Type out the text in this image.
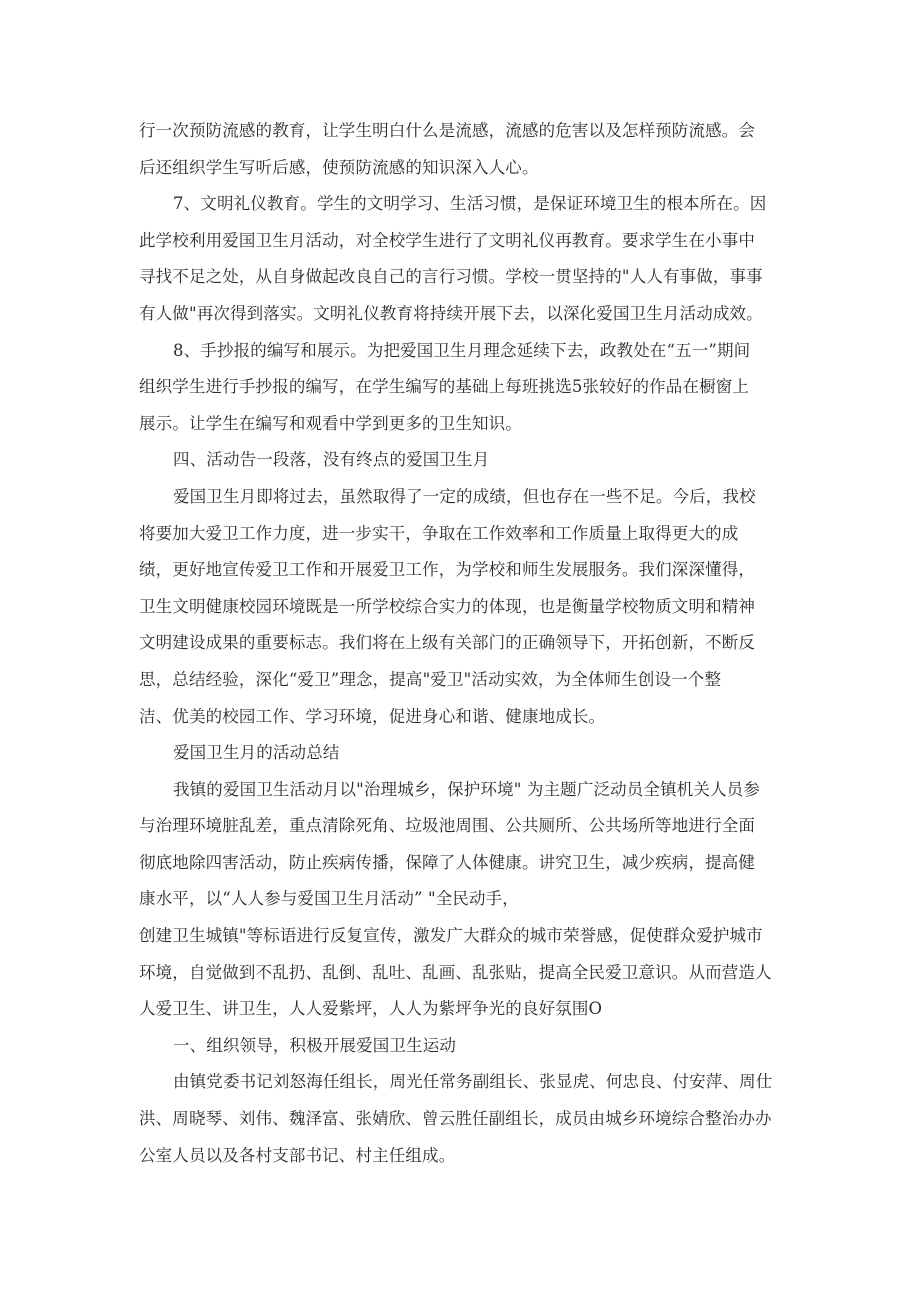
行一次预防流感的教育，让学生明白什么是流感，流感的危害以及怎样预防流感。会
后还组织学生写听后感，使预防流感的知识深入人心。

7、文明礼仪教育。学生的文明学习、生活习惯，是保证环境卫生的根本所在。因
此学校利用爱国卫生月活动，对全校学生进行了文明礼仪再教育。要求学生在小事中
寻找不足之处，从自身做起改良自己的言行习惯。学校一贯坚持的"人人有事做，事事
有人做"再次得到落实。文明礼仪教育将持续开展下去，以深化爱国卫生月活动成效。

8、手抄报的编写和展示。为把爱国卫生月理念延续下去，政教处在“五一”期间
组织学生进行手抄报的编写，在学生编写的基础上每班挑选5张较好的作品在橱窗上
展示。让学生在编写和观看中学到更多的卫生知识。

四、活动告一段落，没有终点的爱国卫生月

爱国卫生月即将过去，虽然取得了一定的成绩，但也存在一些不足。今后，我校
将要加大爱卫工作力度，进一步实干，争取在工作效率和工作质量上取得更大的成
绩，更好地宣传爱卫工作和开展爱卫工作，为学校和师生发展服务。我们深深懂得，
卫生文明健康校园环境既是一所学校综合实力的体现，也是衡量学校物质文明和精神
文明建设成果的重要标志。我们将在上级有关部门的正确领导下，开拓创新，不断反
思，总结经验，深化“爱卫”理念，提高"爱卫"活动实效，为全体师生创设一个整
洁、优美的校园工作、学习环境，促进身心和谐、健康地成长。

爱国卫生月的活动总结

我镇的爱国卫生活动月以"治理城乡，保护环境" 为主题广泛动员全镇机关人员参
与治理环境脏乱差，重点清除死角、垃圾池周围、公共厕所、公共场所等地进行全面
彻底地除四害活动，防止疾病传播，保障了人体健康。讲究卫生，减少疾病，提高健
康水平，以“人人参与爱国卫生月活动” "全民动手，
创建卫生城镇"等标语进行反复宣传，激发广大群众的城市荣誉感，促使群众爱护城市
环境，自觉做到不乱扔、乱倒、乱吐、乱画、乱张贴，提高全民爱卫意识。从而营造人
人爱卫生、讲卫生，人人爱紫坪，人人为紫坪争光的良好氛围O

一、组织领导，积极开展爱国卫生运动

由镇党委书记刘怒海任组长，周光任常务副组长、张显虎、何忠良、付安萍、周仕
洪、周晓琴、刘伟、魏泽富、张婧欣、曾云胜任副组长，成员由城乡环境综合整治办办
公室人员以及各村支部书记、村主任组成。
